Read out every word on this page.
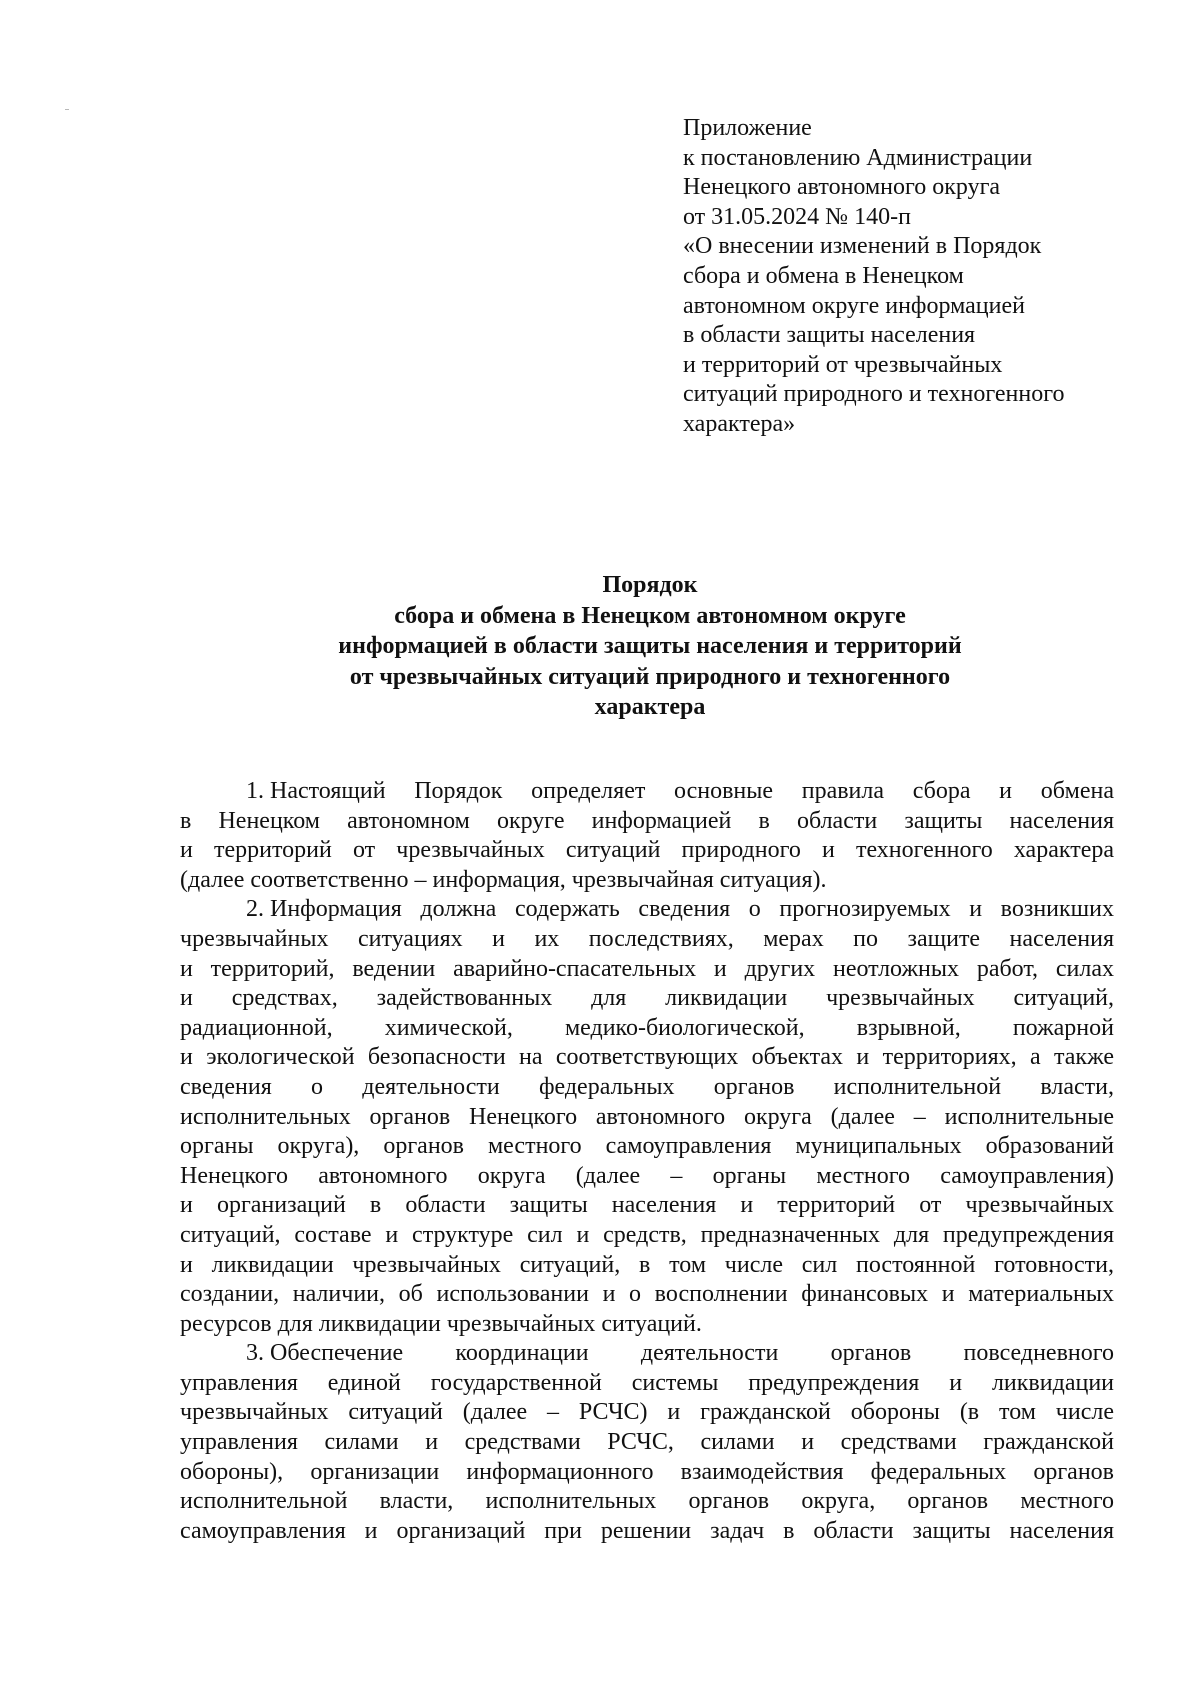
Приложение
к постановлению Администрации
Ненецкого автономного округа
от 31.05.2024 № 140-п
«О внесении изменений в Порядок
сбора и обмена в Ненецком
автономном округе информацией
в области защиты населения
и территорий от чрезвычайных
ситуаций природного и техногенного
характера»
Порядок
сбора и обмена в Ненецком автономном округе
информацией в области защиты населения и территорий
от чрезвычайных ситуаций природного и техногенного
характера
1. Настоящий Порядок определяет основные правила сбора и обмена
в Ненецком автономном округе информацией в области защиты населения
и территорий от чрезвычайных ситуаций природного и техногенного характера
(далее соответственно – информация, чрезвычайная ситуация).
2. Информация должна содержать сведения о прогнозируемых и возникших
чрезвычайных ситуациях и их последствиях, мерах по защите населения
и территорий, ведении аварийно-спасательных и других неотложных работ, силах
и средствах, задействованных для ликвидации чрезвычайных ситуаций,
радиационной, химической, медико-биологической, взрывной, пожарной
и экологической безопасности на соответствующих объектах и территориях, а также
сведения о деятельности федеральных органов исполнительной власти,
исполнительных органов Ненецкого автономного округа (далее – исполнительные
органы округа), органов местного самоуправления муниципальных образований
Ненецкого автономного округа (далее – органы местного самоуправления)
и организаций в области защиты населения и территорий от чрезвычайных
ситуаций, составе и структуре сил и средств, предназначенных для предупреждения
и ликвидации чрезвычайных ситуаций, в том числе сил постоянной готовности,
создании, наличии, об использовании и о восполнении финансовых и материальных
ресурсов для ликвидации чрезвычайных ситуаций.
3. Обеспечение координации деятельности органов повседневного
управления единой государственной системы предупреждения и ликвидации
чрезвычайных ситуаций (далее – РСЧС) и гражданской обороны (в том числе
управления силами и средствами РСЧС, силами и средствами гражданской
обороны), организации информационного взаимодействия федеральных органов
исполнительной власти, исполнительных органов округа, органов местного
самоуправления и организаций при решении задач в области защиты населения
